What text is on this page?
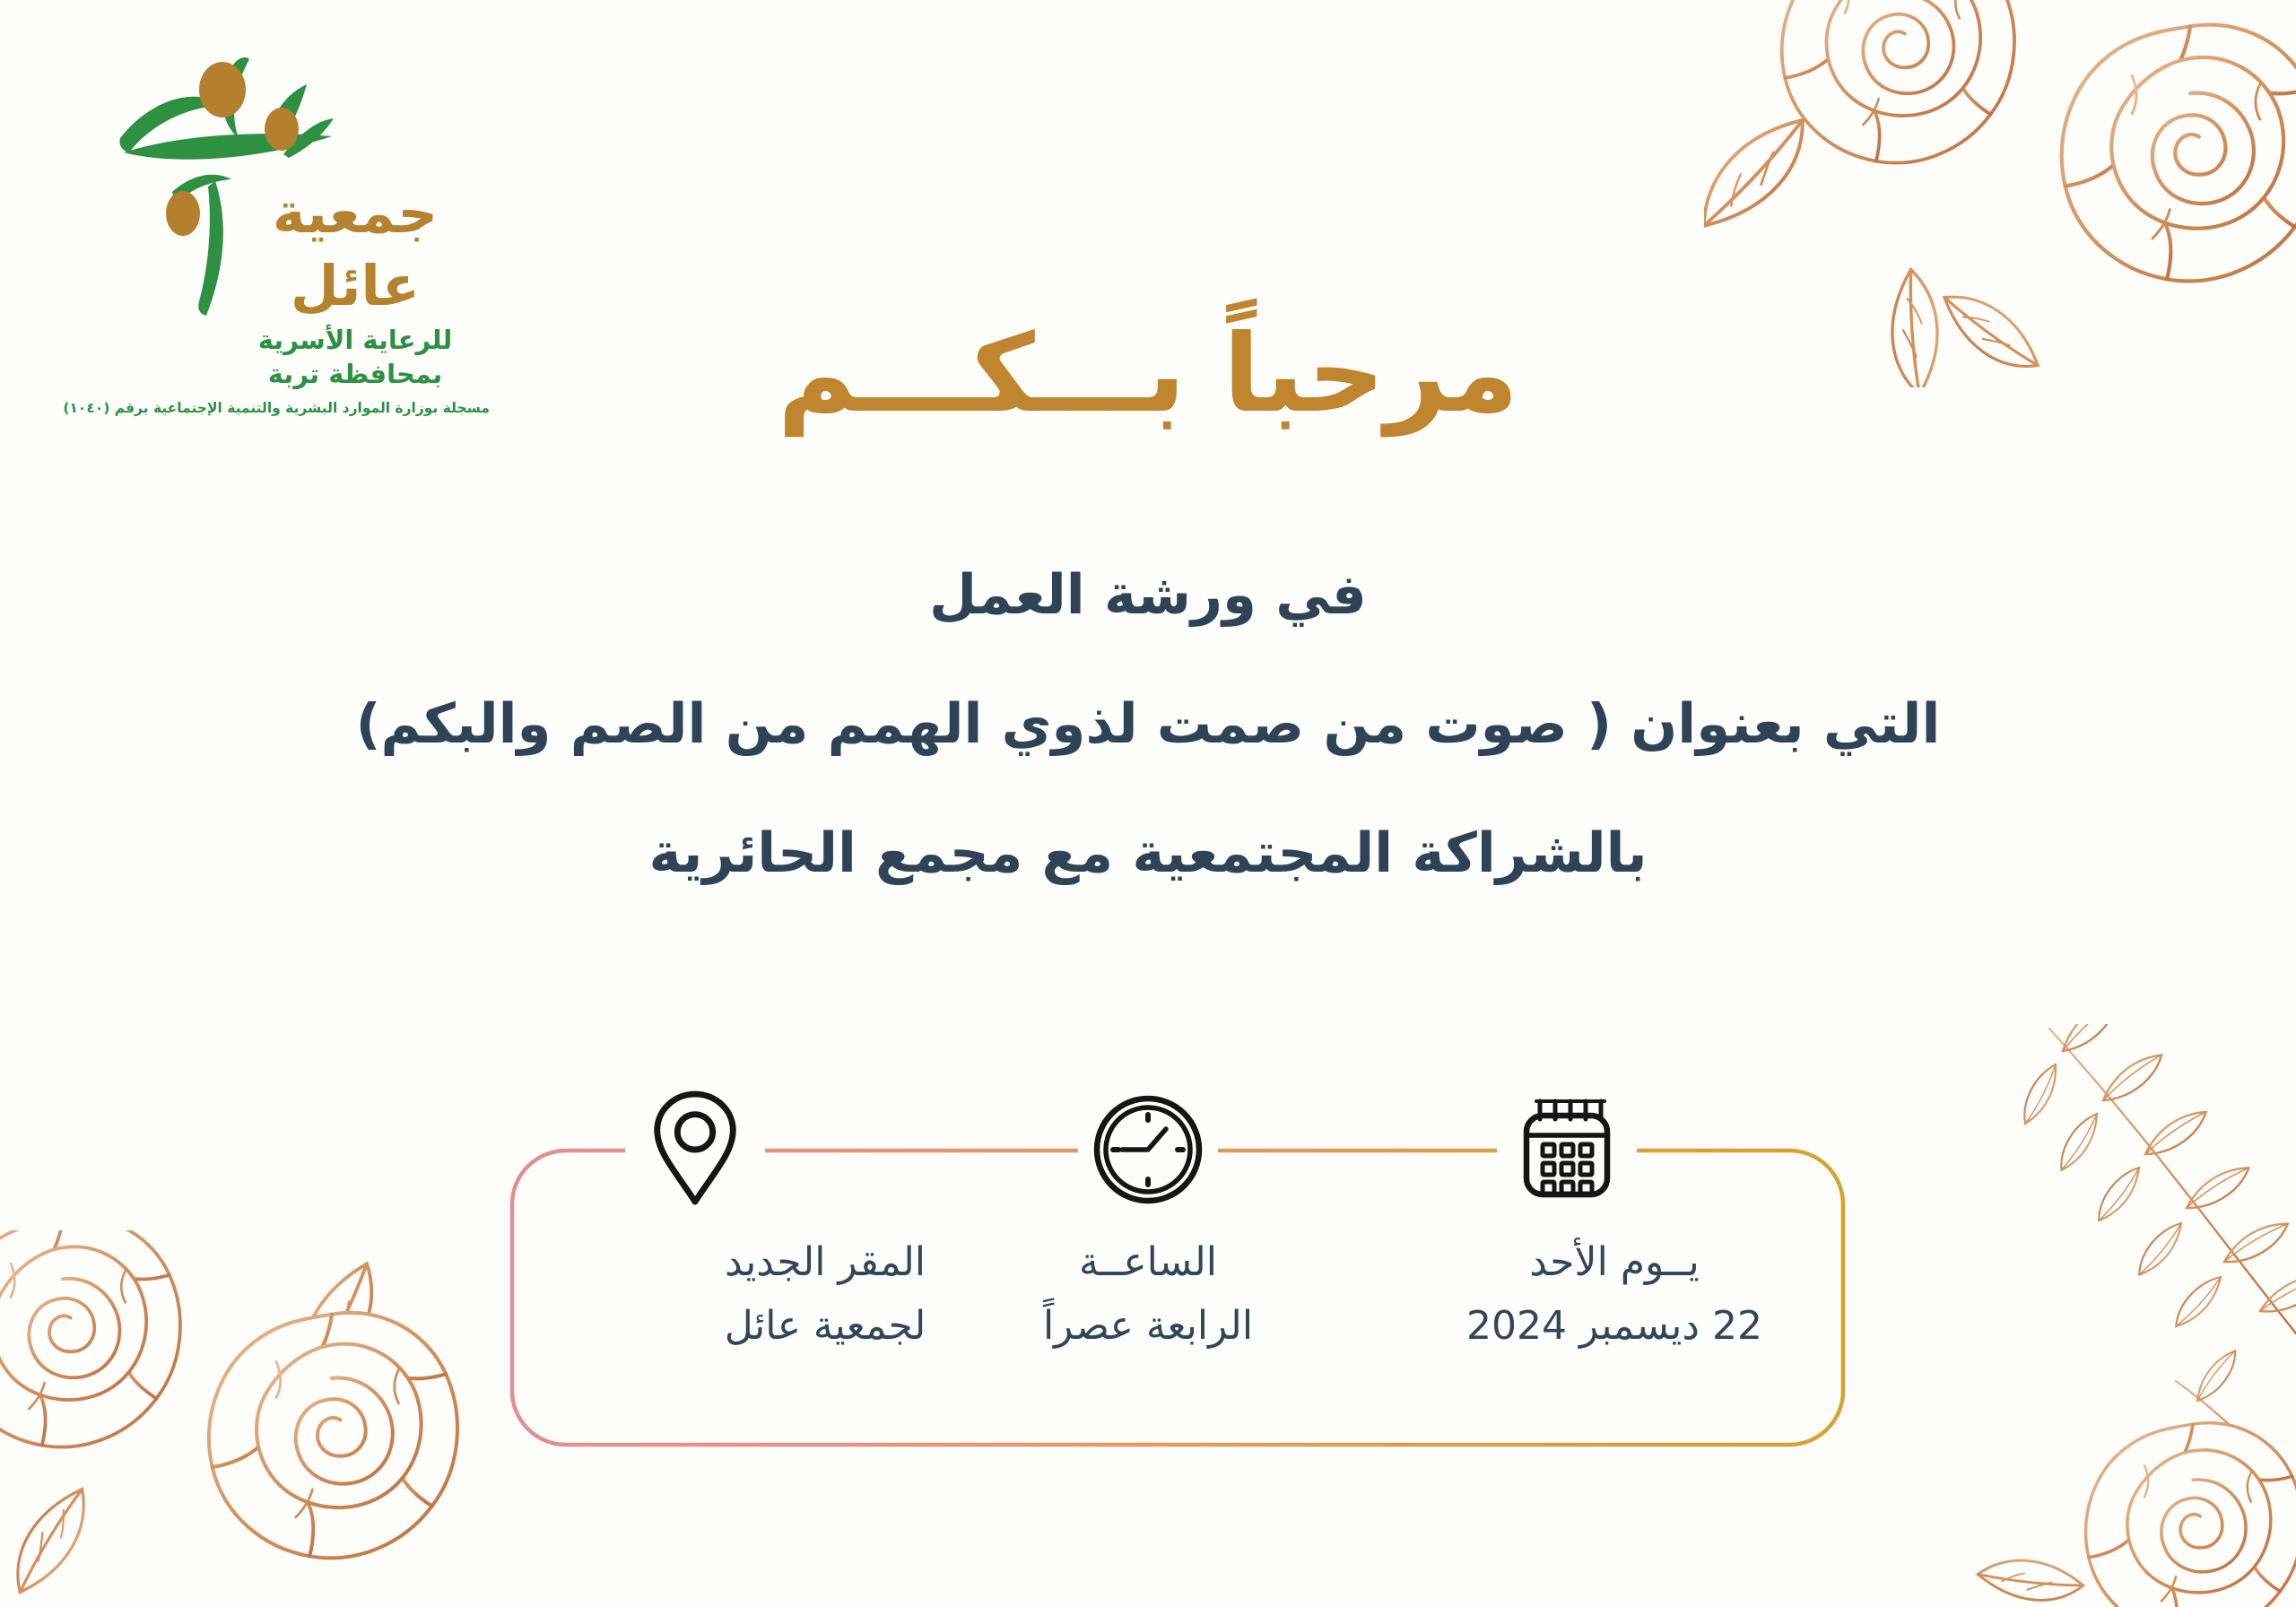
جمعية عائل
للرعاية الأسرية بمحافظة تربة
مسجلة بوزارة الموارد البشرية والتنمية الإجتماعية برقم (١٠٤٠)	مرحباً بـــكـــم
في ورشة العمل
التي بعنوان ( صوت من صمت لذوي الهمم من الصم والبكم)
بالشراكة المجتمعية مع مجمع الحائرية
يــوم الأحد
22 ديسمبر 2024
الساعــة
الرابعة عصراً
المقر الجديد
لجمعية عائل
